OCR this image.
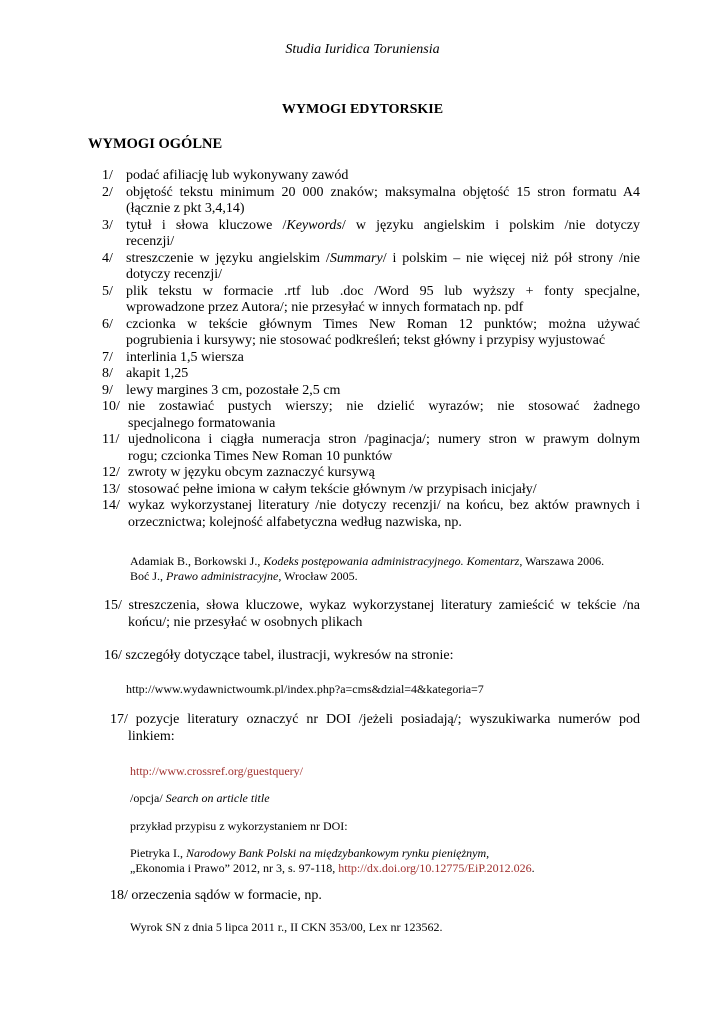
Studia Iuridica Toruniensia
WYMOGI EDYTORSKIE
WYMOGI OGÓLNE
1/ podać afiliację lub wykonywany zawód
2/ objętość tekstu minimum 20 000 znaków; maksymalna objętość 15 stron formatu A4
(łącznie z pkt 3,4,14)
3/ tytuł i słowa kluczowe /Keywords/ w języku angielskim i polskim /nie dotyczy
recenzji/
4/ streszczenie w języku angielskim /Summary/ i polskim – nie więcej niż pół strony /nie
dotyczy recenzji/
5/ plik tekstu w formacie .rtf lub .doc /Word 95 lub wyższy + fonty specjalne,
wprowadzone przez Autora/; nie przesyłać w innych formatach np. pdf
6/ czcionka w tekście głównym Times New Roman 12 punktów; można używać
pogrubienia i kursywy; nie stosować podkreśleń; tekst główny i przypisy wyjustować
7/ interlinia 1,5 wiersza
8/ akapit 1,25
9/ lewy margines 3 cm, pozostałe 2,5 cm
10/ nie zostawiać pustych wierszy; nie dzielić wyrazów; nie stosować żadnego
specjalnego formatowania
11/ ujednolicona i ciągła numeracja stron /paginacja/; numery stron w prawym dolnym
rogu; czcionka Times New Roman 10 punktów
12/ zwroty w języku obcym zaznaczyć kursywą
13/ stosować pełne imiona w całym tekście głównym /w przypisach inicjały/
14/ wykaz wykorzystanej literatury /nie dotyczy recenzji/ na końcu, bez aktów prawnych i
orzecznictwa; kolejność alfabetyczna według nazwiska, np.
Adamiak B., Borkowski J., Kodeks postępowania administracyjnego. Komentarz, Warszawa 2006.
Boć J., Prawo administracyjne, Wrocław 2005.
15/ streszczenia, słowa kluczowe, wykaz wykorzystanej literatury zamieścić w tekście /na
końcu/; nie przesyłać w osobnych plikach
16/ szczegóły dotyczące tabel, ilustracji, wykresów na stronie:
http://www.wydawnictwoumk.pl/index.php?a=cms&dzial=4&kategoria=7
17/ pozycje literatury oznaczyć nr DOI /jeżeli posiadają/; wyszukiwarka numerów pod
linkiem:
http://www.crossref.org/guestquery/
/opcja/ Search on article title
przykład przypisu z wykorzystaniem nr DOI:
Pietryka I., Narodowy Bank Polski na międzybankowym rynku pieniężnym,
„Ekonomia i Prawo” 2012, nr 3, s. 97-118, http://dx.doi.org/10.12775/EiP.2012.026.
18/ orzeczenia sądów w formacie, np.
Wyrok SN z dnia 5 lipca 2011 r., II CKN 353/00, Lex nr 123562.
